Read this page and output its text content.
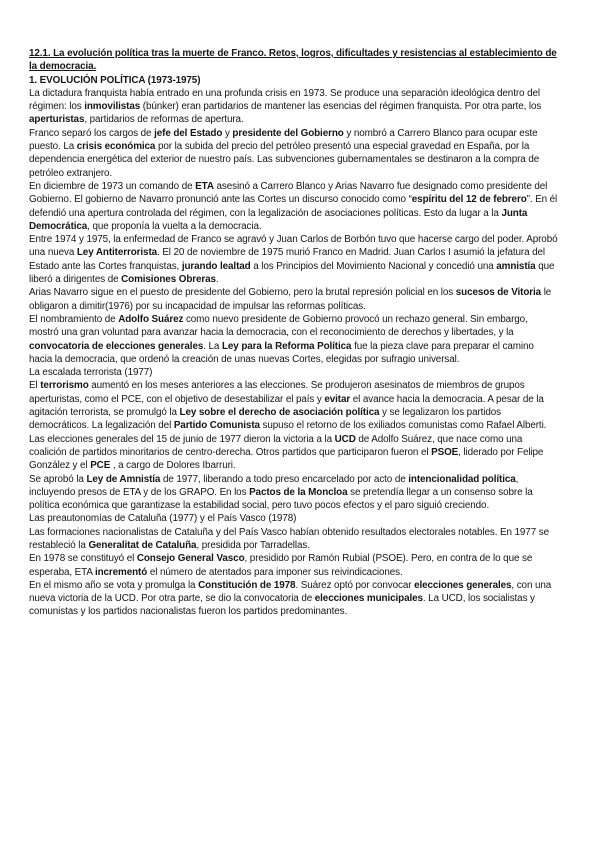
12.1. La evolución política tras la muerte de Franco. Retos, logros, dificultades y resistencias al establecimiento de la democracia.

1. EVOLUCIÓN POLÍTICA (1973-1975)

La dictadura franquista había entrado en una profunda crisis en 1973. Se produce una separación ideológica dentro del régimen: los inmovilistas (búnker) eran partidarios de mantener las esencias del régimen franquista. Por otra parte, los aperturistas, partidarios de reformas de apertura.

Franco separó los cargos de jefe del Estado y presidente del Gobierno y nombró a Carrero Blanco para ocupar este puesto. La crisis económica por la subida del precio del petróleo presentó una especial gravedad en España, por la dependencia energética del exterior de nuestro país. Las subvenciones gubernamentales se destinaron a la compra de petróleo extranjero.

En diciembre de 1973 un comando de ETA asesinó a Carrero Blanco y Arias Navarro fue designado como presidente del Gobierno. El gobierno de Navarro pronunció ante las Cortes un discurso conocido como “espíritu del 12 de febrero”. En él defendió una apertura controlada del régimen, con la legalización de asociaciones políticas. Esto da lugar a la Junta Democrática, que proponía la vuelta a la democracia.

Entre 1974 y 1975, la enfermedad de Franco se agravó y Juan Carlos de Borbón tuvo que hacerse cargo del poder. Aprobó una nueva Ley Antiterrorista. El 20 de noviembre de 1975 murió Franco en Madrid. Juan Carlos I asumió la jefatura del Estado ante las Cortes franquistas, jurando lealtad a los Principios del Movimiento Nacional y concedió una amnistía que liberó a dirigentes de Comisiones Obreras.

Arias Navarro sigue en el puesto de presidente del Gobierno, pero la brutal represión policial en los sucesos de Vitoria le obligaron a dimitir(1976) por su incapacidad de impulsar las reformas políticas.

El nombramiento de Adolfo Suárez como nuevo presidente de Gobierno provocó un rechazo general. Sin embargo, mostró una gran voluntad para avanzar hacia la democracia, con el reconocimiento de derechos y libertades, y la convocatoria de elecciones generales. La Ley para la Reforma Política fue la pieza clave para preparar el camino hacia la democracia, que ordenó la creación de unas nuevas Cortes, elegidas por sufragio universal.

La escalada terrorista (1977)

El terrorismo aumentó en los meses anteriores a las elecciones. Se produjeron asesinatos de miembros de grupos aperturistas, como el PCE, con el objetivo de desestabilizar el país y evitar el avance hacia la democracia. A pesar de la agitación terrorista, se promulgó la Ley sobre el derecho de asociación política y se legalizaron los partidos democráticos. La legalización del Partido Comunista supuso el retorno de los exiliados comunistas como Rafael Alberti.

Las elecciones generales del 15 de junio de 1977 dieron la victoria a la UCD de Adolfo Suárez, que nace como una coalición de partidos minoritarios de centro-derecha. Otros partidos que participaron fueron el PSOE, liderado por Felipe González y el PCE , a cargo de Dolores Ibarruri.

Se aprobó la Ley de Amnistía de 1977, liberando a todo preso encarcelado por acto de intencionalidad política, incluyendo presos de ETA y de los GRAPO. En los Pactos de la Moncloa se pretendía llegar a un consenso sobre la política económica que garantizase la estabilidad social, pero tuvo pocos efectos y el paro siguió creciendo.

Las preautonomías de Cataluña (1977) y el País Vasco (1978)

Las formaciones nacionalistas de Cataluña y del País Vasco habían obtenido resultados electorales notables. En 1977 se restableció la Generalitat de Cataluña, presidida por Tarradellas.

En 1978 se constituyó el Consejo General Vasco, presidido por Ramón Rubial (PSOE). Pero, en contra de lo que se esperaba, ETA incrementó el número de atentados para imponer sus reivindicaciones.

En el mismo año se vota y promulga la Constitución de 1978. Suárez optó por convocar elecciones generales, con una nueva victoria de la UCD. Por otra parte, se dio la convocatoria de elecciones municipales. La UCD, los socialistas y comunistas y los partidos nacionalistas fueron los partidos predominantes.
